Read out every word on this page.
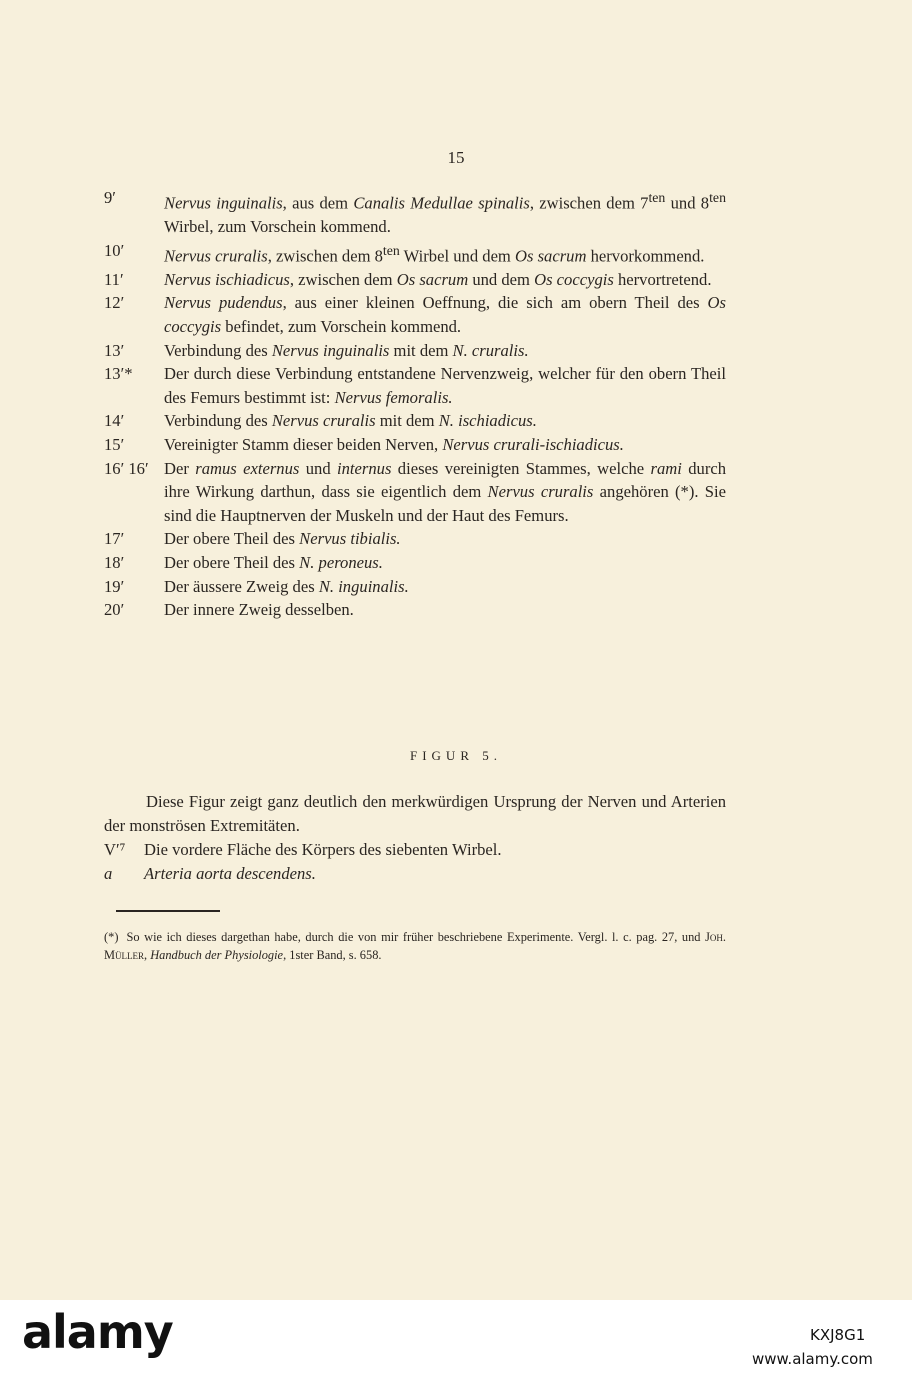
15
9′	Nervus inguinalis, aus dem Canalis Medullae spinalis, zwischen dem $7^{ten}$ und $8^{ten}$ Wirbel, zum Vorschein kommend.
10′	Nervus cruralis, zwischen dem $8^{ten}$ Wirbel und dem Os sacrum hervorkommend.
11′	Nervus ischiadicus, zwischen dem Os sacrum und dem Os coccygis hervortretend.
12′	Nervus pudendus, aus einer kleinen Oeffnung, die sich am obern Theil des Os coccygis befindet, zum Vorschein kommend.
13′	Verbindung des Nervus inguinalis mit dem N. cruralis.
13′*	Der durch diese Verbindung entstandene Nervenzweig, welcher für den obern Theil des Femurs bestimmt ist: Nervus femoralis.
14′	Verbindung des Nervus cruralis mit dem N. ischiadicus.
15′	Vereinigter Stamm dieser beiden Nerven, Nervus crurali-ischiadicus.
16′ 16′ Der ramus externus und internus dieses vereinigten Stammes, welche rami durch ihre Wirkung darthun, dass sie eigentlich dem Nervus cruralis angehören (*). Sie sind die Hauptnerven der Muskeln und der Haut des Femurs.
17′	Der obere Theil des Nervus tibialis.
18′	Der obere Theil des N. peroneus.
19′	Der äussere Zweig des N. inguinalis.
20′	Der innere Zweig desselben.
FIGUR 5.

Diese Figur zeigt ganz deutlich den merkwürdigen Ursprung der Nerven und Arterien der monströsen Extremitäten.

V′⁷	Die vordere Fläche des Körpers des siebenten Wirbel.
a	Arteria aorta descendens.

(*) So wie ich dieses dargethan habe, durch die von mir früher beschriebene Experimente. Vergl. l. c. pag. 27, und Joh. Müller, Handbuch der Physiologie, 1ster Band, s. 658.

alamy	KXJ8G1
www.alamy.com
